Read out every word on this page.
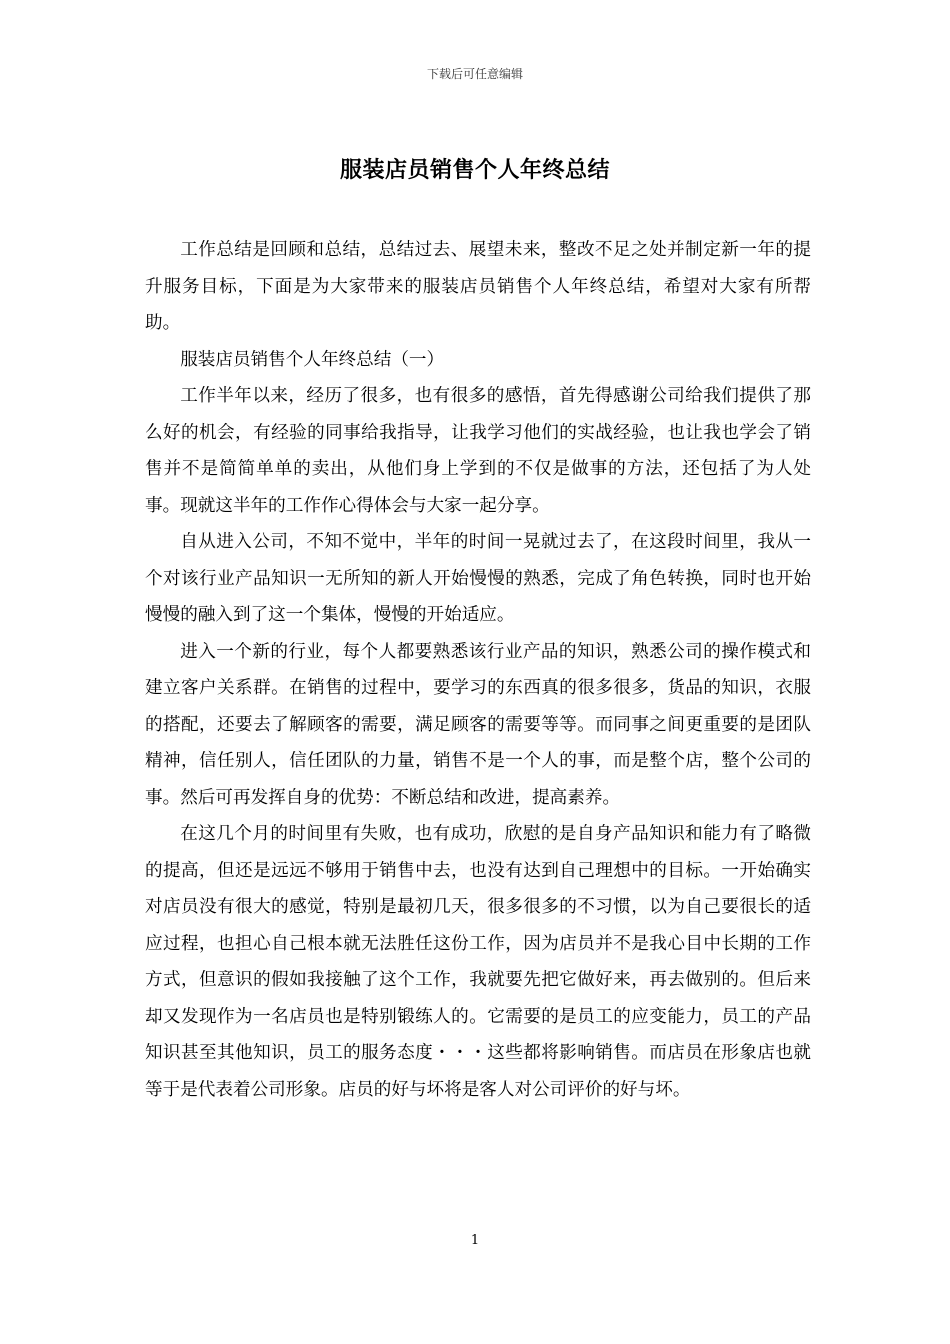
下载后可任意编辑
服装店员销售个人年终总结

工作总结是回顾和总结，总结过去、展望未来，整改不足之处并制定新一年的提升服务目标，下面是为大家带来的服装店员销售个人年终总结，希望对大家有所帮助。

服装店员销售个人年终总结（一）

工作半年以来，经历了很多，也有很多的感悟，首先得感谢公司给我们提供了那么好的机会，有经验的同事给我指导，让我学习他们的实战经验，也让我也学会了销售并不是简简单单的卖出，从他们身上学到的不仅是做事的方法，还包括了为人处事。现就这半年的工作作心得体会与大家一起分享。

自从进入公司，不知不觉中，半年的时间一晃就过去了，在这段时间里，我从一个对该行业产品知识一无所知的新人开始慢慢的熟悉，完成了角色转换，同时也开始慢慢的融入到了这一个集体，慢慢的开始适应。

进入一个新的行业，每个人都要熟悉该行业产品的知识，熟悉公司的操作模式和建立客户关系群。在销售的过程中，要学习的东西真的很多很多，货品的知识，衣服的搭配，还要去了解顾客的需要，满足顾客的需要等等。而同事之间更重要的是团队精神，信任别人，信任团队的力量，销售不是一个人的事，而是整个店，整个公司的事。然后可再发挥自身的优势：不断总结和改进，提高素养。

在这几个月的时间里有失败，也有成功，欣慰的是自身产品知识和能力有了略微的提高，但还是远远不够用于销售中去，也没有达到自己理想中的目标。一开始确实对店员没有很大的感觉，特别是最初几天，很多很多的不习惯，以为自己要很长的适应过程，也担心自己根本就无法胜任这份工作，因为店员并不是我心目中长期的工作方式，但意识的假如我接触了这个工作，我就要先把它做好来，再去做别的。但后来却又发现作为一名店员也是特别锻练人的。它需要的是员工的应变能力，员工的产品知识甚至其他知识，员工的服务态度・・・这些都将影响销售。而店员在形象店也就等于是代表着公司形象。店员的好与坏将是客人对公司评价的好与坏。

1
